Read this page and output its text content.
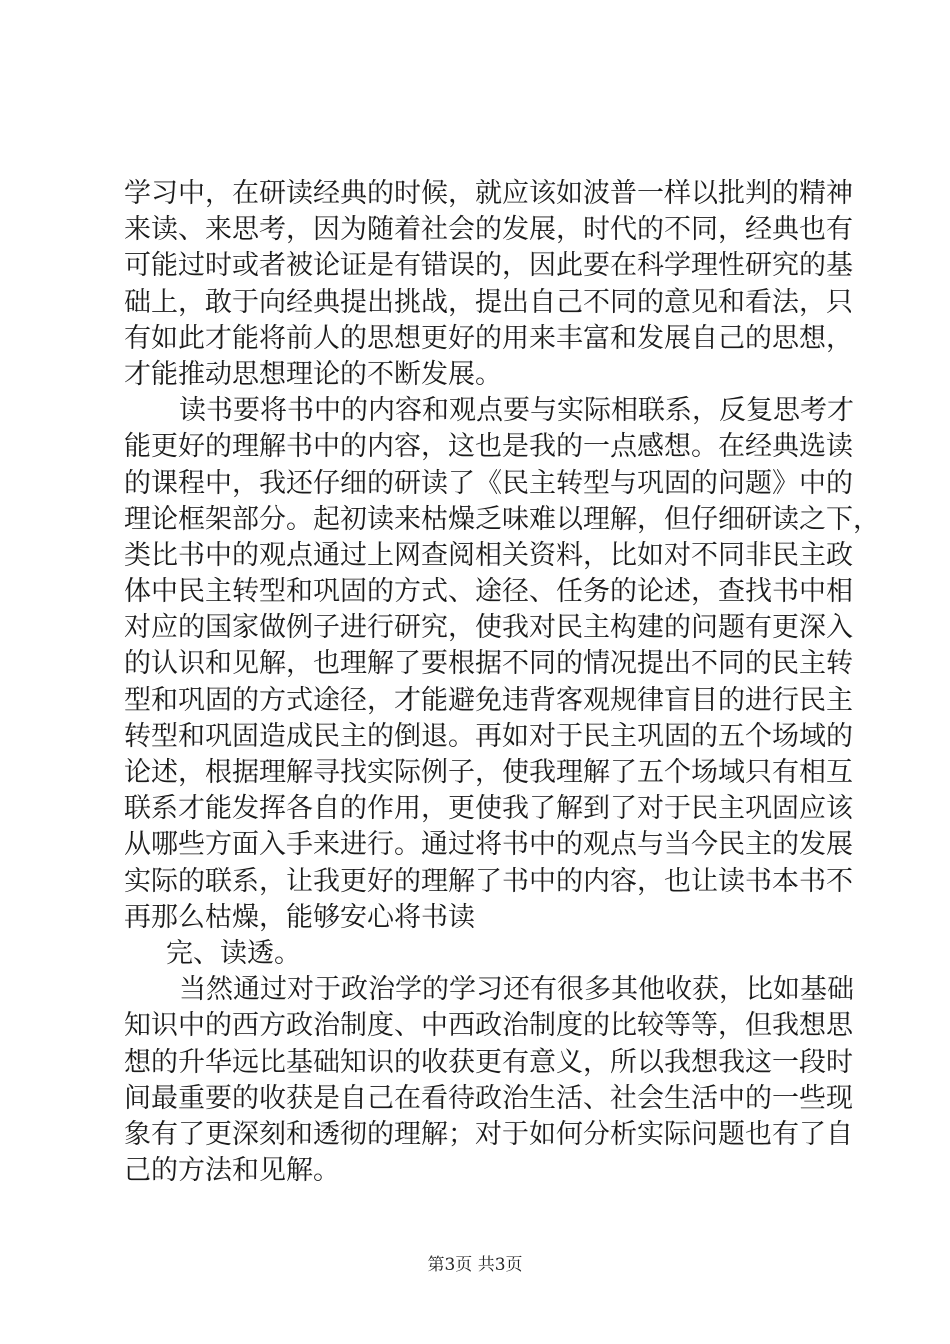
学习中，在研读经典的时候，就应该如波普一样以批判的精神
来读、来思考，因为随着社会的发展，时代的不同，经典也有
可能过时或者被论证是有错误的，因此要在科学理性研究的基
础上，敢于向经典提出挑战，提出自己不同的意见和看法，只
有如此才能将前人的思想更好的用来丰富和发展自己的思想，
才能推动思想理论的不断发展。
读书要将书中的内容和观点要与实际相联系，反复思考才
能更好的理解书中的内容，这也是我的一点感想。在经典选读
的课程中，我还仔细的研读了《民主转型与巩固的问题》中的
理论框架部分。起初读来枯燥乏味难以理解，但仔细研读之下，
类比书中的观点通过上网查阅相关资料，比如对不同非民主政
体中民主转型和巩固的方式、途径、任务的论述，查找书中相
对应的国家做例子进行研究，使我对民主构建的问题有更深入
的认识和见解，也理解了要根据不同的情况提出不同的民主转
型和巩固的方式途径，才能避免违背客观规律盲目的进行民主
转型和巩固造成民主的倒退。再如对于民主巩固的五个场域的
论述，根据理解寻找实际例子，使我理解了五个场域只有相互
联系才能发挥各自的作用，更使我了解到了对于民主巩固应该
从哪些方面入手来进行。通过将书中的观点与当今民主的发展
实际的联系，让我更好的理解了书中的内容，也让读书本书不
再那么枯燥，能够安心将书读
完、读透。
当然通过对于政治学的学习还有很多其他收获，比如基础
知识中的西方政治制度、中西政治制度的比较等等，但我想思
想的升华远比基础知识的收获更有意义，所以我想我这一段时
间最重要的收获是自己在看待政治生活、社会生活中的一些现
象有了更深刻和透彻的理解；对于如何分析实际问题也有了自
己的方法和见解。
第3页 共3页
